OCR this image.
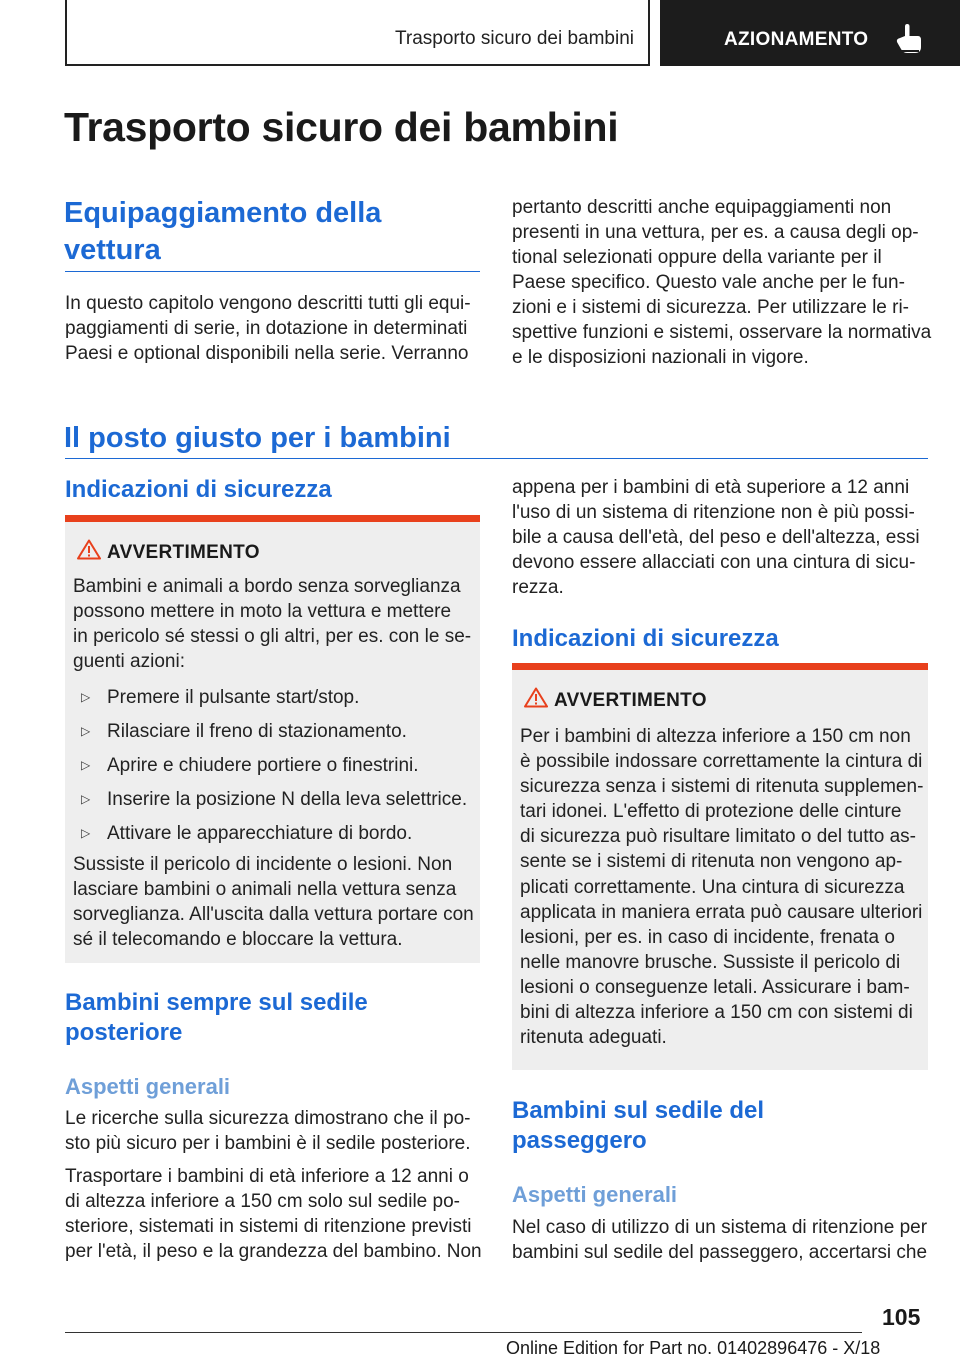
Trasporto sicuro dei bambini	AZIONAMENTO
Trasporto sicuro dei bambini
Equipaggiamento della
vettura
In questo capitolo vengono descritti tutti gli equi-
paggiamenti di serie, in dotazione in determinati
Paesi e optional disponibili nella serie. Verranno
pertanto descritti anche equipaggiamenti non
presenti in una vettura, per es. a causa degli op-
tional selezionati oppure della variante per il
Paese specifico. Questo vale anche per le fun-
zioni e i sistemi di sicurezza. Per utilizzare le ri-
spettive funzioni e sistemi, osservare la normativa
e le disposizioni nazionali in vigore.
Il posto giusto per i bambini
Indicazioni di sicurezza
AVVERTIMENTO
Bambini e animali a bordo senza sorveglianza
possono mettere in moto la vettura e mettere
in pericolo sé stessi o gli altri, per es. con le se-
guenti azioni:
▷ Premere il pulsante start/stop.
▷ Rilasciare il freno di stazionamento.
▷ Aprire e chiudere portiere o finestrini.
▷ Inserire la posizione N della leva selettrice.
▷ Attivare le apparecchiature di bordo.
Sussiste il pericolo di incidente o lesioni. Non
lasciare bambini o animali nella vettura senza
sorveglianza. All'uscita dalla vettura portare con
sé il telecomando e bloccare la vettura.
Bambini sempre sul sedile
posteriore
Aspetti generali
Le ricerche sulla sicurezza dimostrano che il po-
sto più sicuro per i bambini è il sedile posteriore.
Trasportare i bambini di età inferiore a 12 anni o
di altezza inferiore a 150 cm solo sul sedile po-
steriore, sistemati in sistemi di ritenzione previsti
per l'età, il peso e la grandezza del bambino. Non
appena per i bambini di età superiore a 12 anni
l'uso di un sistema di ritenzione non è più possi-
bile a causa dell'età, del peso e dell'altezza, essi
devono essere allacciati con una cintura di sicu-
rezza.
Indicazioni di sicurezza
AVVERTIMENTO
Per i bambini di altezza inferiore a 150 cm non
è possibile indossare correttamente la cintura di
sicurezza senza i sistemi di ritenuta supplemen-
tari idonei. L'effetto di protezione delle cinture
di sicurezza può risultare limitato o del tutto as-
sente se i sistemi di ritenuta non vengono ap-
plicati correttamente. Una cintura di sicurezza
applicata in maniera errata può causare ulteriori
lesioni, per es. in caso di incidente, frenata o
nelle manovre brusche. Sussiste il pericolo di
lesioni o conseguenze letali. Assicurare i bam-
bini di altezza inferiore a 150 cm con sistemi di
ritenuta adeguati.
Bambini sul sedile del
passeggero
Aspetti generali
Nel caso di utilizzo di un sistema di ritenzione per
bambini sul sedile del passeggero, accertarsi che
105
Online Edition for Part no. 01402896476 - X/18
